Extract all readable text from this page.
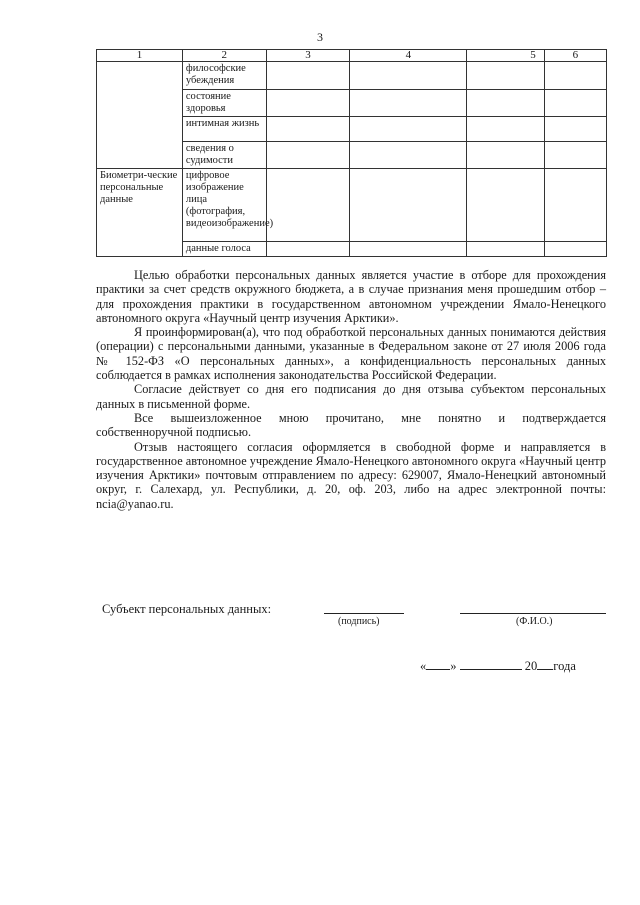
3
1	2	3	4	5	6
	философские убеждения				
	состояние здоровья				
	интимная жизнь				
	сведения о судимости				
Биометри-ческие персональные данные	цифровое изображение лица (фотография, видеоизображение)				
	данные голоса				

Целью обработки персональных данных является участие в отборе для прохождения практики за счет средств окружного бюджета, а в случае признания меня прошедшим отбор – для прохождения практики в государственном автономном учреждении Ямало-Ненецкого автономного округа «Научный центр изучения Арктики».

Я проинформирован(а), что под обработкой персональных данных понимаются действия (операции) с персональными данными, указанные в Федеральном законе от 27 июля 2006 года № 152-ФЗ «О персональных данных», а конфиденциальность персональных данных соблюдается в рамках исполнения законодательства Российской Федерации.

Согласие действует со дня его подписания до дня отзыва субъектом персональных данных в письменной форме.

Все вышеизложенное мною прочитано, мне понятно и подтверждается собственноручной подписью.

Отзыв настоящего согласия оформляется в свободной форме и направляется в государственное автономное учреждение Ямало-Ненецкого автономного округа «Научный центр изучения Арктики» почтовым отправлением по адресу: 629007, Ямало-Ненецкий автономный округ, г. Салехард, ул. Республики, д. 20, оф. 203, либо на адрес электронной почты: ncia@yanao.ru.

Субъект персональных данных:
(подпись)	(Ф.И.О.)
« »	20 года
